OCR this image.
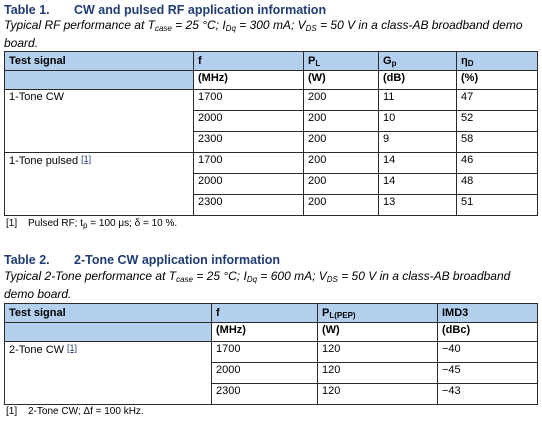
Table 1. CW and pulsed RF application information
Typical RF performance at $T_{case} = 25$ °C; $I_{Dq} = 300$ mA; $V_{DS} = 50$ V in a class-AB broadband demo board.
Test signal	f	$P_L$	$G_p$	$\eta_D$
	(MHz)	(W)	(dB)	(%)
1-Tone CW	1700	200	11	47
	2000	200	10	52
	2300	200	9	58
1-Tone pulsed [1]	1700	200	14	46
	2000	200	14	48
	2300	200	13	51
[1] Pulsed RF; $t_p = 100$ μs; δ = 10 %.
Table 2. 2-Tone CW application information
Typical 2-Tone performance at $T_{case} = 25$ °C; $I_{Dq} = 600$ mA; $V_{DS} = 50$ V in a class-AB broadband demo board.
Test signal	f	$P_{L(PEP)}$	IMD3
	(MHz)	(W)	(dBc)
2-Tone CW [1]	1700	120	−40
	2000	120	−45
	2300	120	−43
[1] 2-Tone CW; Δf = 100 kHz.
